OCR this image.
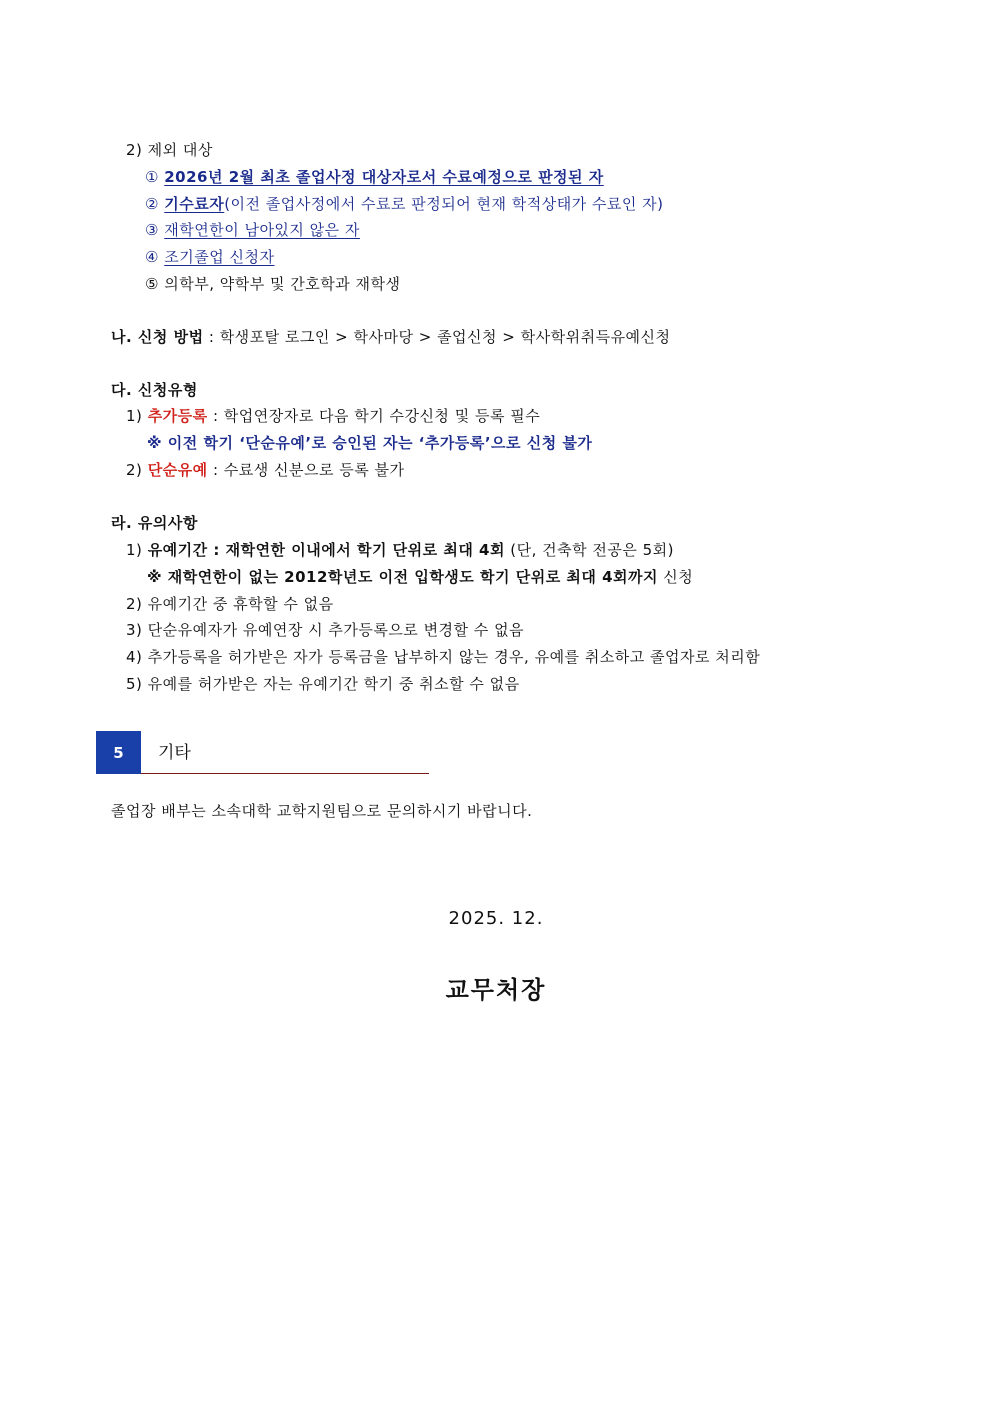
2) 제외 대상
① 2026년 2월 최초 졸업사정 대상자로서 수료예정으로 판정된 자
② 기수료자(이전 졸업사정에서 수료로 판정되어 현재 학적상태가 수료인 자)
③ 재학연한이 남아있지 않은 자
④ 조기졸업 신청자
⑤ 의학부, 약학부 및 간호학과 재학생
나. 신청 방법 : 학생포탈 로그인 > 학사마당 > 졸업신청 > 학사학위취득유예신청
다. 신청유형
1) 추가등록 : 학업연장자로 다음 학기 수강신청 및 등록 필수
※ 이전 학기 ‘단순유예’로 승인된 자는 ‘추가등록’으로 신청 불가
2) 단순유예 : 수료생 신분으로 등록 불가
라. 유의사항
1) 유예기간 : 재학연한 이내에서 학기 단위로 최대 4회 (단, 건축학 전공은 5회)
※ 재학연한이 없는 2012학년도 이전 입학생도 학기 단위로 최대 4회까지 신청
2) 유예기간 중 휴학할 수 없음
3) 단순유예자가 유예연장 시 추가등록으로 변경할 수 없음
4) 추가등록을 허가받은 자가 등록금을 납부하지 않는 경우, 유예를 취소하고 졸업자로 처리함
5) 유예를 허가받은 자는 유예기간 학기 중 취소할 수 없음
5	기타
졸업장 배부는 소속대학 교학지원팀으로 문의하시기 바랍니다.
2025. 12.
교무처장
